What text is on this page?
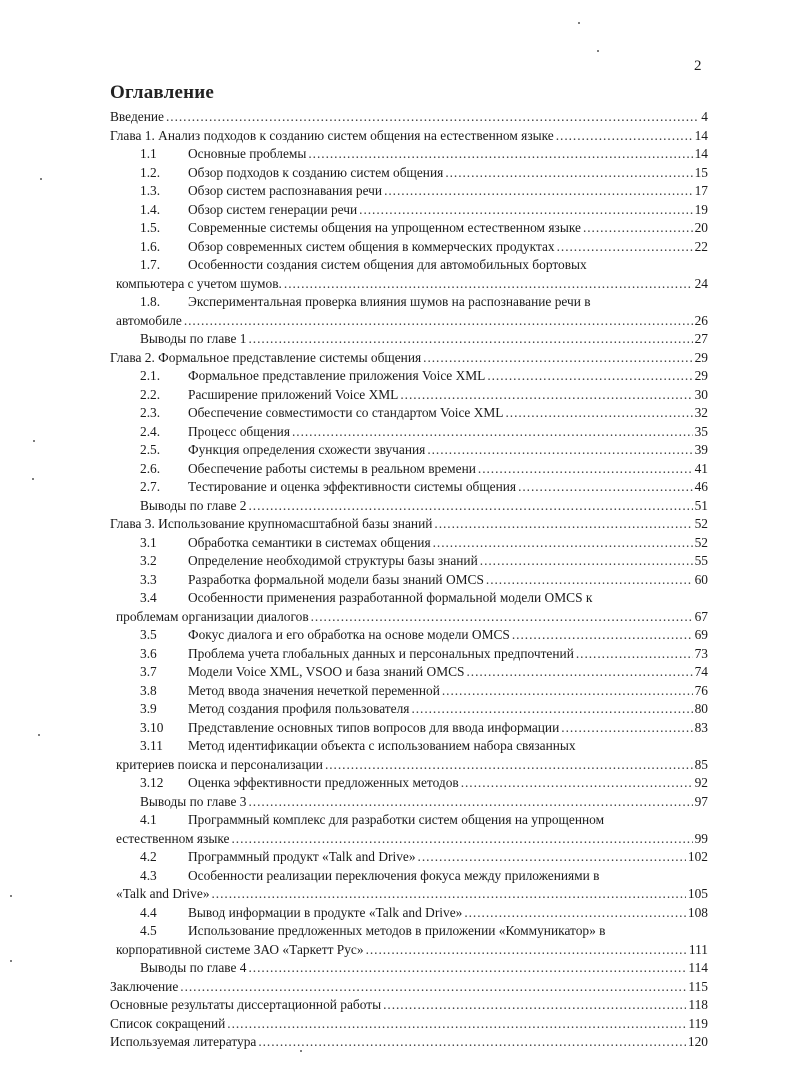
2
Оглавление
Введение . . .	4
Глава 1. Анализ подходов к созданию систем общения на естественном языке . . .	14
1.1	Основные проблемы . . .	14
1.2.	Обзор подходов к созданию систем общения . . .	15
1.3.	Обзор систем распознавания речи . . .	17
1.4.	Обзор систем генерации речи . . .	19
1.5.	Современные системы общения на упрощенном естественном языке . . .	20
1.6.	Обзор современных систем общения в коммерческих продуктах . . .	22
1.7.	Особенности создания систем общения для автомобильных бортовых
компьютера с учетом шумов. . . .	24
1.8.	Экспериментальная проверка влияния шумов на распознавание речи в
автомобиле . . .	26
Выводы по главе 1 . . .	27
Глава 2. Формальное представление системы общения . . .	29
2.1.	Формальное представление приложения Voice XML . . .	29
2.2.	Расширение приложений Voice XML . . .	30
2.3.	Обеспечение совместимости со стандартом Voice XML . . .	32
2.4.	Процесс общения . . .	35
2.5.	Функция определения схожести звучания . . .	39
2.6.	Обеспечение работы системы в реальном времени . . .	41
2.7.	Тестирование и оценка эффективности системы общения . . .	46
Выводы по главе 2 . . .	51
Глава 3. Использование крупномасштабной базы знаний . . .	52
3.1	Обработка семантики в системах общения . . .	52
3.2	Определение необходимой структуры базы знаний . . .	55
3.3	Разработка формальной модели базы знаний OMCS . . .	60
3.4	Особенности применения разработанной формальной модели OMCS к
проблемам организации диалогов . . .	67
3.5	Фокус диалога и его обработка на основе модели OMCS . . .	69
3.6	Проблема учета глобальных данных и персональных предпочтений . . .	73
3.7	Модели Voice XML, VSOO и база знаний OMCS . . .	74
3.8	Метод ввода значения нечеткой переменной . . .	76
3.9	Метод создания профиля пользователя . . .	80
3.10	Представление основных типов вопросов для ввода информации . . .	83
3.11	Метод идентификации объекта с использованием набора связанных
критериев поиска и персонализации . . .	85
3.12	Оценка эффективности предложенных методов . . .	92
Выводы по главе 3 . . .	97
4.1	Программный комплекс для разработки систем общения на упрощенном
естественном языке . . .	99
4.2	Программный продукт «Talk and Drive» . . .	102
4.3	Особенности реализации переключения фокуса между приложениями в
«Talk and Drive» . . .	105
4.4	Вывод информации в продукте «Talk and Drive» . . .	108
4.5	Использование предложенных методов в приложении «Коммуникатор» в
корпоративной системе ЗАО «Таркетт Рус» . . .	111
Выводы по главе 4 . . .	114
Заключение . . .	115
Основные результаты диссертационной работы . . .	118
Список сокращений . . .	119
Используемая литература . . .	120
